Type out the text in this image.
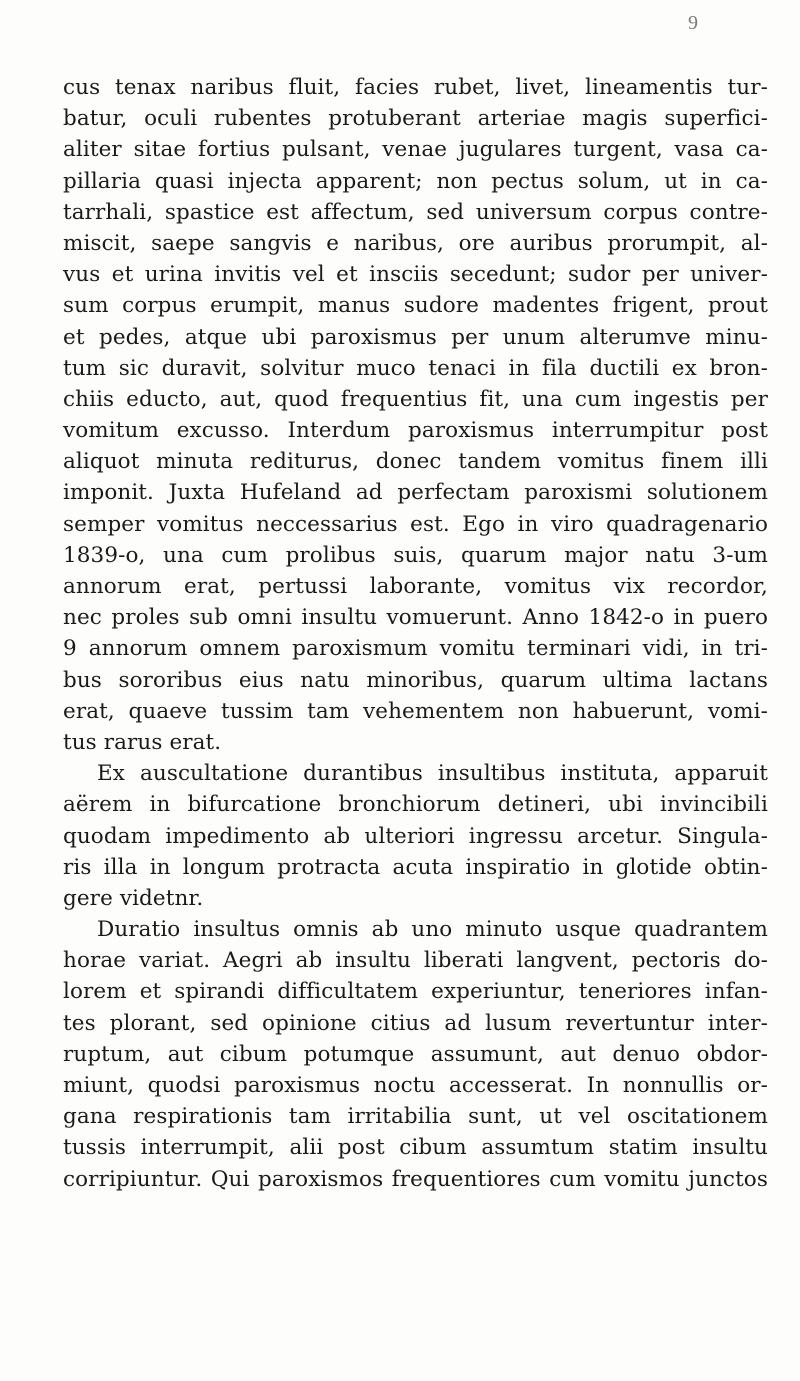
9
cus tenax naribus fluit, facies rubet, livet, lineamentis tur-
batur, oculi rubentes protuberant arteriae magis superfici-
aliter sitae fortius pulsant, venae jugulares turgent, vasa ca-
pillaria quasi injecta apparent; non pectus solum, ut in ca-
tarrhali, spastice est affectum, sed universum corpus contre-
miscit, saepe sangvis e naribus, ore auribus prorumpit, al-
vus et urina invitis vel et insciis secedunt; sudor per univer-
sum corpus erumpit, manus sudore madentes frigent, prout
et pedes, atque ubi paroxismus per unum alterumve minu-
tum sic duravit, solvitur muco tenaci in fila ductili ex bron-
chiis educto, aut, quod frequentius fit, una cum ingestis per
vomitum excusso. Interdum paroxismus interrumpitur post
aliquot minuta rediturus, donec tandem vomitus finem illi
imponit. Juxta Hufeland ad perfectam paroxismi solutionem
semper vomitus neccessarius est. Ego in viro quadragenario
1839-o, una cum prolibus suis, quarum major natu 3-um
annorum erat, pertussi laborante, vomitus vix recordor,
nec proles sub omni insultu vomuerunt. Anno 1842-o in puero
9 annorum omnem paroxismum vomitu terminari vidi, in tri-
bus sororibus eius natu minoribus, quarum ultima lactans
erat, quaeve tussim tam vehementem non habuerunt, vomi-
tus rarus erat.
Ex auscultatione durantibus insultibus instituta, apparuit
aërem in bifurcatione bronchiorum detineri, ubi invincibili
quodam impedimento ab ulteriori ingressu arcetur. Singula-
ris illa in longum protracta acuta inspiratio in glotide obtin-
gere videtnr.
Duratio insultus omnis ab uno minuto usque quadrantem
horae variat. Aegri ab insultu liberati langvent, pectoris do-
lorem et spirandi difficultatem experiuntur, teneriores infan-
tes plorant, sed opinione citius ad lusum revertuntur inter-
ruptum, aut cibum potumque assumunt, aut denuo obdor-
miunt, quodsi paroxismus noctu accesserat. In nonnullis or-
gana respirationis tam irritabilia sunt, ut vel oscitationem
tussis interrumpit, alii post cibum assumtum statim insultu
corripiuntur. Qui paroxismos frequentiores cum vomitu junctos
